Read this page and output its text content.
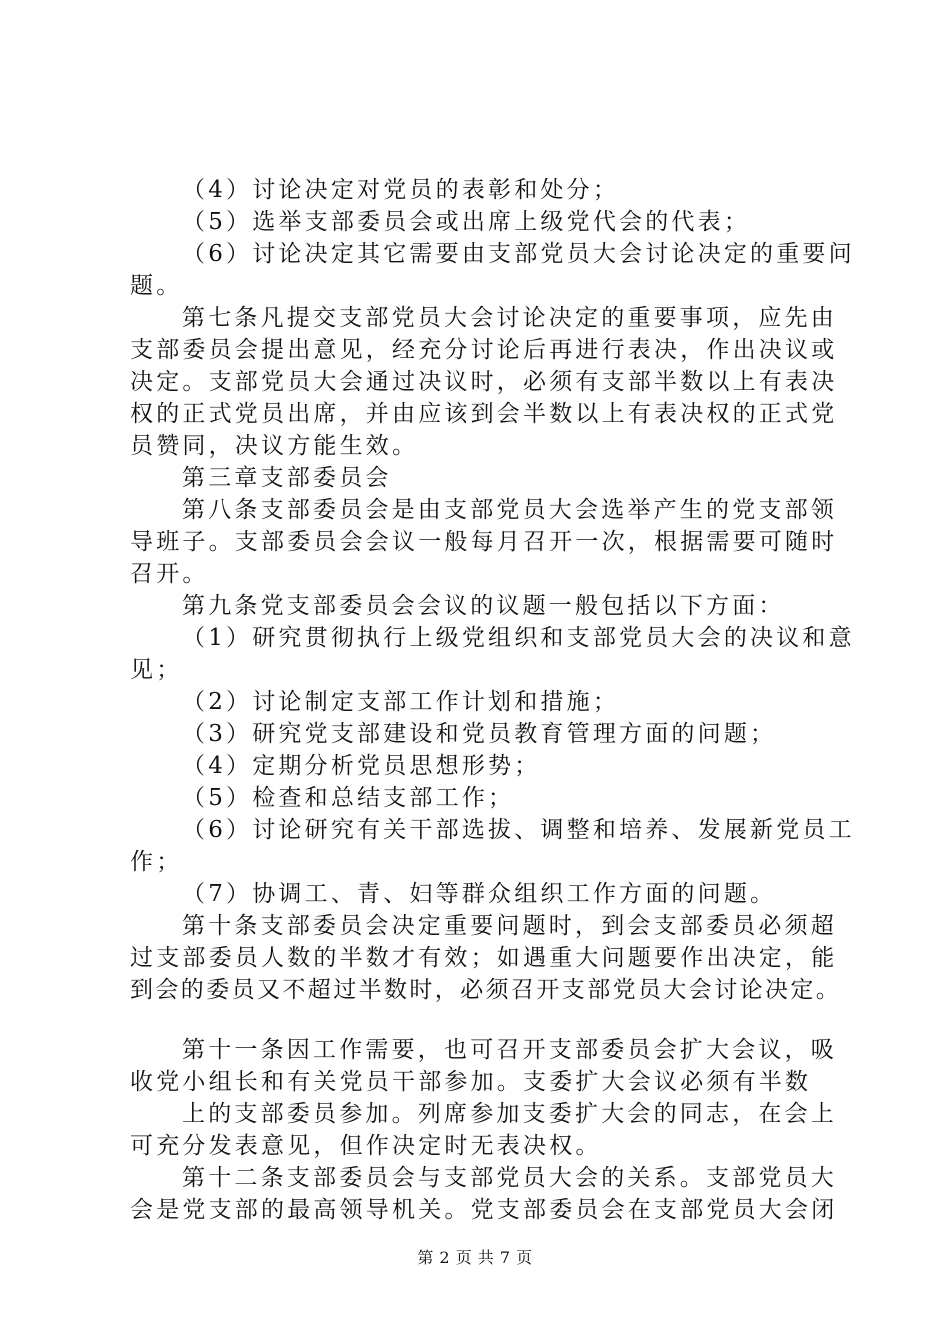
（4）讨论决定对党员的表彰和处分；
（5）选举支部委员会或出席上级党代会的代表；
（6）讨论决定其它需要由支部党员大会讨论决定的重要问
题。
第七条凡提交支部党员大会讨论决定的重要事项，应先由
支部委员会提出意见，经充分讨论后再进行表决，作出决议或
决定。支部党员大会通过决议时，必须有支部半数以上有表决
权的正式党员出席，并由应该到会半数以上有表决权的正式党
员赞同，决议方能生效。
第三章支部委员会
第八条支部委员会是由支部党员大会选举产生的党支部领
导班子。支部委员会会议一般每月召开一次，根据需要可随时
召开。
第九条党支部委员会会议的议题一般包括以下方面：
（1）研究贯彻执行上级党组织和支部党员大会的决议和意
见；
（2）讨论制定支部工作计划和措施；
（3）研究党支部建设和党员教育管理方面的问题；
（4）定期分析党员思想形势；
（5）检查和总结支部工作；
（6）讨论研究有关干部选拔、调整和培养、发展新党员工
作；
（7）协调工、青、妇等群众组织工作方面的问题。
第十条支部委员会决定重要问题时，到会支部委员必须超
过支部委员人数的半数才有效；如遇重大问题要作出决定，能
到会的委员又不超过半数时，必须召开支部党员大会讨论决定。
第十一条因工作需要，也可召开支部委员会扩大会议，吸
收党小组长和有关党员干部参加。支委扩大会议必须有半数
上的支部委员参加。列席参加支委扩大会的同志，在会上
可充分发表意见，但作决定时无表决权。
第十二条支部委员会与支部党员大会的关系。支部党员大
会是党支部的最高领导机关。党支部委员会在支部党员大会闭
第 2 页 共 7 页
